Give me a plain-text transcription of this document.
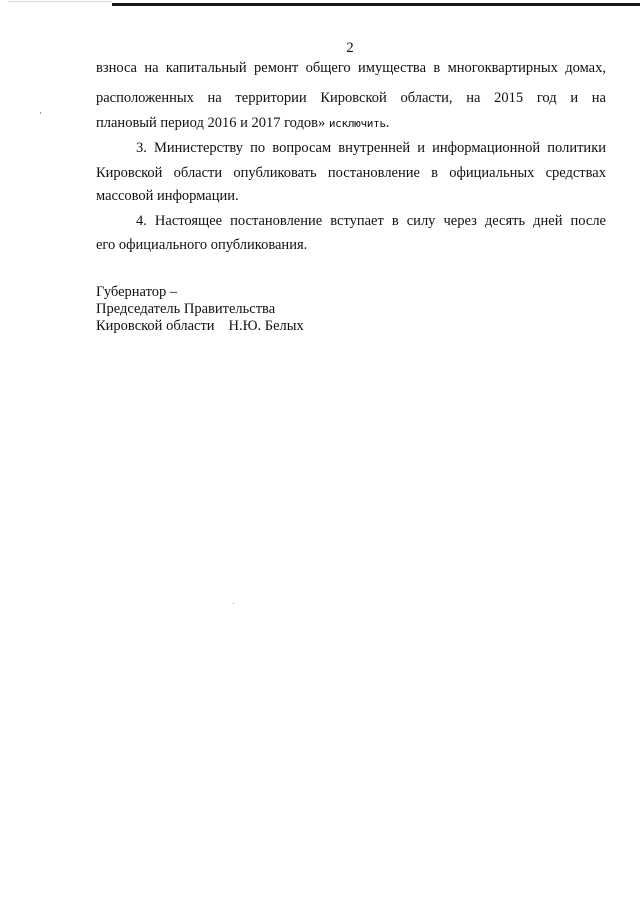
2
взноса на капитальный ремонт общего имущества в многоквартирных домах,
расположенных на территории Кировской области, на 2015 год и на
плановый период 2016 и 2017 годов» исключить.
3. Министерству по вопросам внутренней и информационной политики
Кировской области опубликовать постановление в официальных средствах
массовой информации.
4. Настоящее постановление вступает в силу через десять дней после
его официального опубликования.
Губернатор –
Председатель Правительства
Кировской области Н.Ю. Белых
